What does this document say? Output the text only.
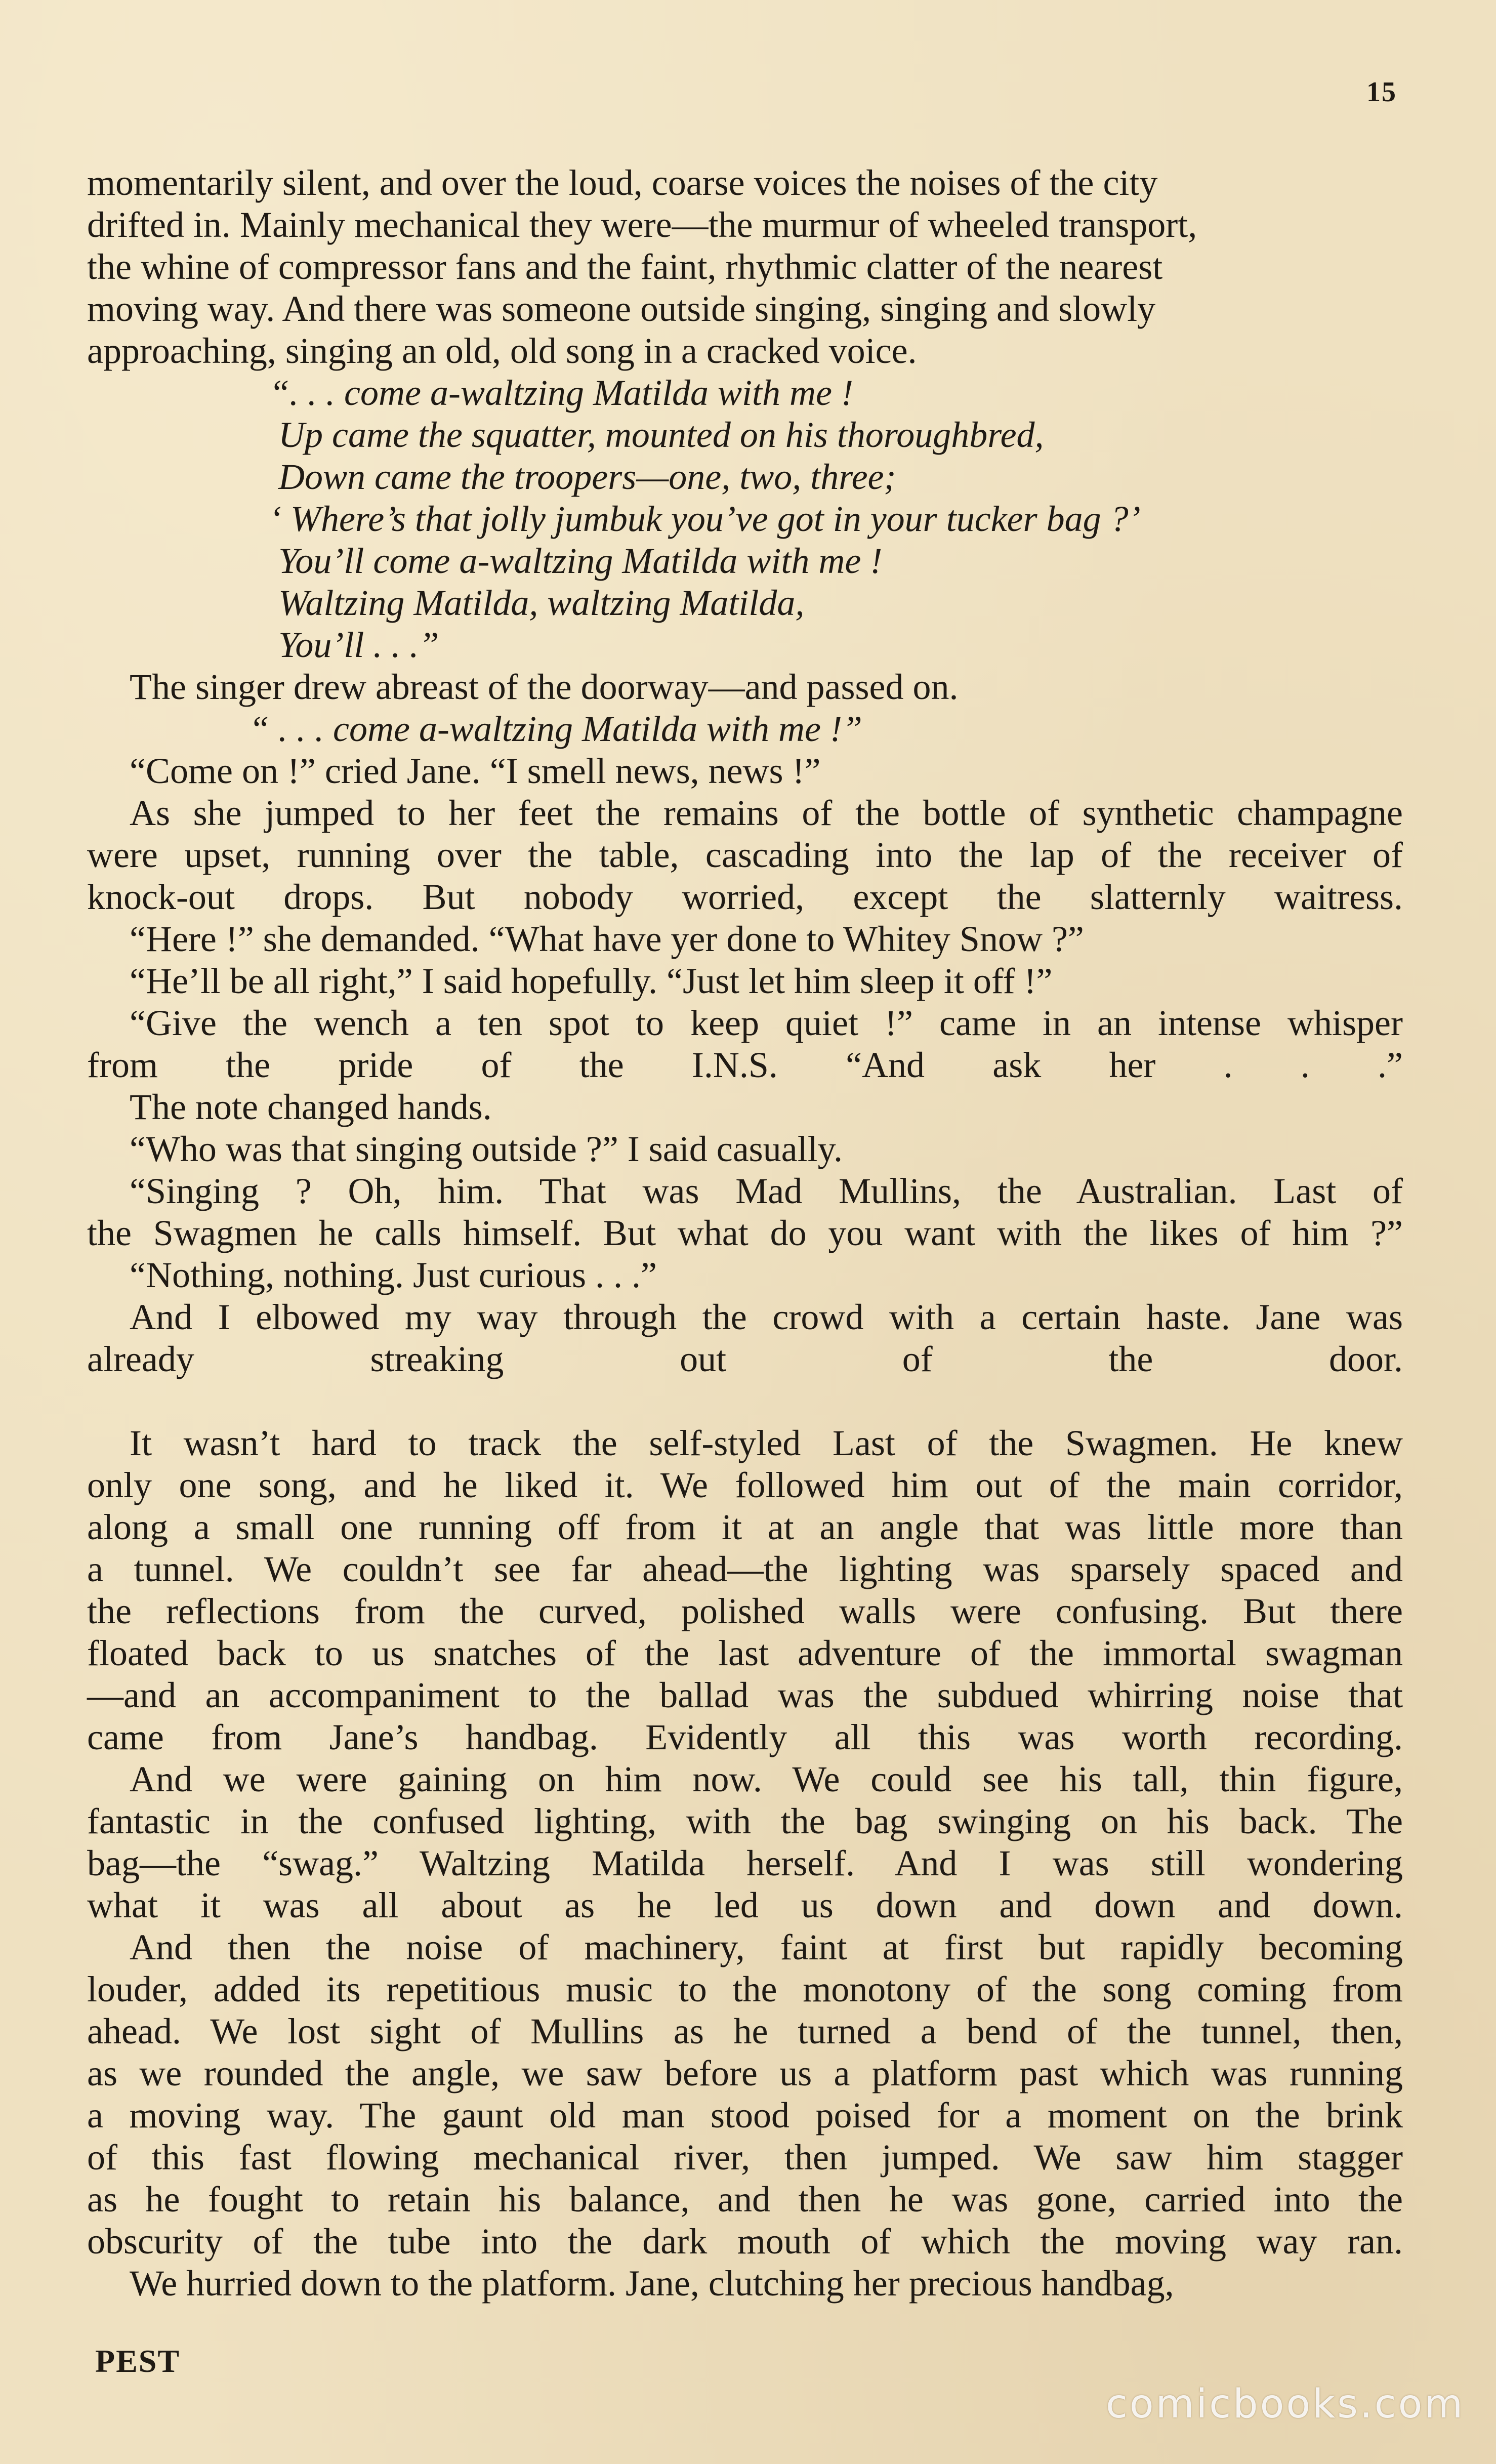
15

momentarily silent, and over the loud, coarse voices the noises of the city
drifted in. Mainly mechanical they were—the murmur of wheeled transport,
the whine of compressor fans and the faint, rhythmic clatter of the nearest
moving way. And there was someone outside singing, singing and slowly
approaching, singing an old, old song in a cracked voice.

“. . . come a-waltzing Matilda with me !
Up came the squatter, mounted on his thoroughbred,
Down came the troopers—one, two, three;
‘ Where’s that jolly jumbuk you’ve got in your tucker bag ?’
You’ll come a-waltzing Matilda with me !
Waltzing Matilda, waltzing Matilda,
You’ll . . .”

The singer drew abreast of the doorway—and passed on.

“ . . . come a-waltzing Matilda with me !”

“Come on !” cried Jane. “I smell news, news !”

As she jumped to her feet the remains of the bottle of synthetic champagne
were upset, running over the table, cascading into the lap of the receiver of
knock-out drops. But nobody worried, except the slatternly waitress.

“Here !” she demanded. “What have yer done to Whitey Snow ?”

“He’ll be all right,” I said hopefully. “Just let him sleep it off !”

“Give the wench a ten spot to keep quiet !” came in an intense whisper
from the pride of the I.N.S. “And ask her . . .”

The note changed hands.

“Who was that singing outside ?” I said casually.

“Singing ? Oh, him. That was Mad Mullins, the Australian. Last of
the Swagmen he calls himself. But what do you want with the likes of him ?”

“Nothing, nothing. Just curious . . .”

And I elbowed my way through the crowd with a certain haste. Jane was
already streaking out of the door.

It wasn’t hard to track the self-styled Last of the Swagmen. He knew
only one song, and he liked it. We followed him out of the main corridor,
along a small one running off from it at an angle that was little more than
a tunnel. We couldn’t see far ahead—the lighting was sparsely spaced and
the reflections from the curved, polished walls were confusing. But there
floated back to us snatches of the last adventure of the immortal swagman
—and an accompaniment to the ballad was the subdued whirring noise that
came from Jane’s handbag. Evidently all this was worth recording.

And we were gaining on him now. We could see his tall, thin figure,
fantastic in the confused lighting, with the bag swinging on his back. The
bag—the “swag.” Waltzing Matilda herself. And I was still wondering
what it was all about as he led us down and down and down.

And then the noise of machinery, faint at first but rapidly becoming
louder, added its repetitious music to the monotony of the song coming from
ahead. We lost sight of Mullins as he turned a bend of the tunnel, then,
as we rounded the angle, we saw before us a platform past which was running
a moving way. The gaunt old man stood poised for a moment on the brink
of this fast flowing mechanical river, then jumped. We saw him stagger
as he fought to retain his balance, and then he was gone, carried into the
obscurity of the tube into the dark mouth of which the moving way ran.

We hurried down to the platform. Jane, clutching her precious handbag,

PEST
comicbooks.com
